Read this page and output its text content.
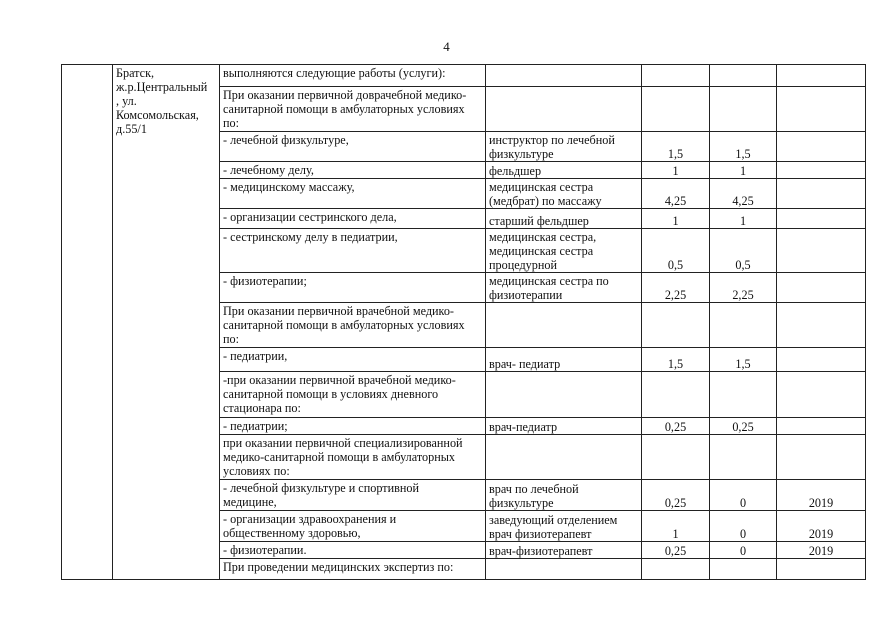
4
	Братск,
ж.р.Центральный
, ул.
Комсомольская,
д.55/1	выполняются следующие работы (услуги):				
		При оказании первичной доврачебной медико-санитарной помощи в амбулаторных условиях по:				
		- лечебной физкультуре,	инструктор по лечебной
физкультуре	1,5	1,5	
		- лечебному делу,	фельдшер	1	1	
		- медицинскому массажу,	медицинская сестра
(медбрат) по массажу	4,25	4,25	
		- организации сестринского дела,	старший фельдшер	1	1	
		- сестринскому делу в педиатрии,	медицинская сестра,
медицинская сестра
процедурной	0,5	0,5	
		- физиотерапии;	медицинская сестра по
физиотерапии	2,25	2,25	
		При оказании первичной врачебной медико-санитарной помощи в амбулаторных условиях по:				
		- педиатрии,	врач- педиатр	1,5	1,5	
		-при оказании первичной врачебной медико-санитарной помощи в условиях дневного стационара по:				
		- педиатрии;	врач-педиатр	0,25	0,25	
		при оказании первичной специализированной медико-санитарной помощи в амбулаторных условиях по:				
		- лечебной физкультуре и спортивной
медицине,	врач по лечебной
физкультуре	0,25	0	2019
		- организации здравоохранения и
общественному здоровью,	заведующий отделением
врач физиотерапевт	1	0	2019
		- физиотерапии.	врач-физиотерапевт	0,25	0	2019
		При проведении медицинских экспертиз по:				
